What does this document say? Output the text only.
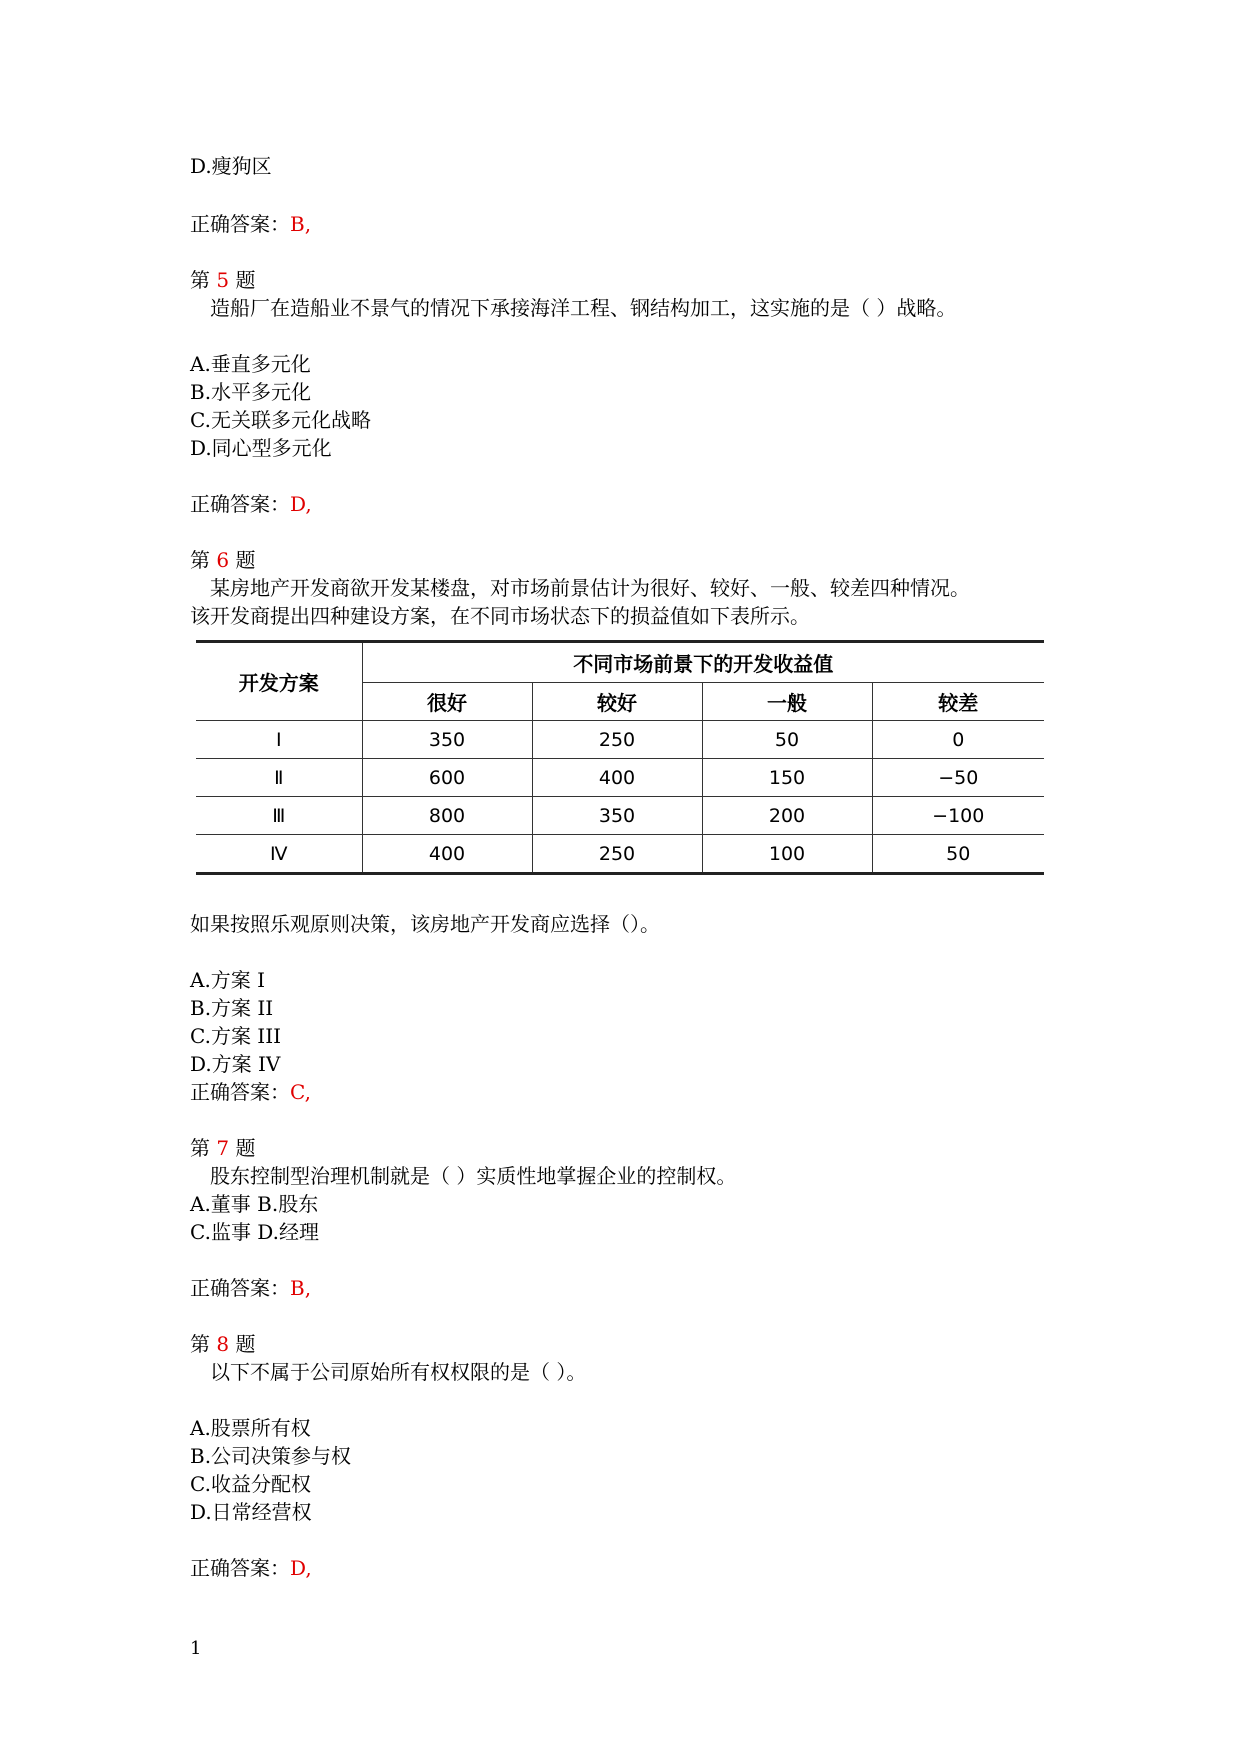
D.瘦狗区
正确答案：B,
第 5 题
造船厂在造船业不景气的情况下承接海洋工程、钢结构加工，这实施的是（ ）战略。
A.垂直多元化
B.水平多元化
C.无关联多元化战略
D.同心型多元化
正确答案：D,
第 6 题
某房地产开发商欲开发某楼盘，对市场前景估计为很好、较好、一般、较差四种情况。
该开发商提出四种建设方案，在不同市场状态下的损益值如下表所示。
开发方案	不同市场前景下的开发收益值			
	很好	较好	一般	较差
Ⅰ	350	250	50	0
Ⅱ	600	400	150	−50
Ⅲ	800	350	200	−100
Ⅳ	400	250	100	50
如果按照乐观原则决策，该房地产开发商应选择（）。
A.方案 I
B.方案 II
C.方案 III
D.方案 IV
正确答案：C,
第 7 题
股东控制型治理机制就是（ ）实质性地掌握企业的控制权。
A.董事 B.股东
C.监事 D.经理
正确答案：B,
第 8 题
以下不属于公司原始所有权权限的是（ ）。
A.股票所有权
B.公司决策参与权
C.收益分配权
D.日常经营权
正确答案：D,
1
